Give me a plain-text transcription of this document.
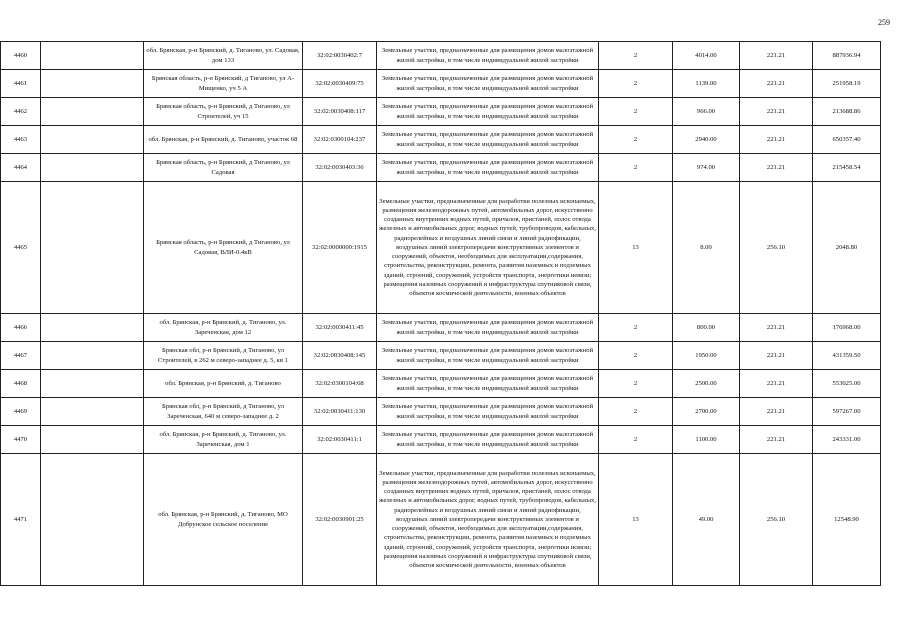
259
4460		обл. Брянская, р-н Брянский, д. Тиганово, ул. Садовая, дом 133	32:02:0030402:7	Земельные участки, предназначенные для размещения домов малоэтажной жилой застройки, в том числе индивидуальной жилой застройки	2	4014.00	221.21	887936.94
4461		Брянская область, р-н Брянский, д Тиганово, ул А-Мищенко, уч 5 А	32:02:0030409:75	Земельные участки, предназначенные для размещения домов малоэтажной жилой застройки, в том числе индивидуальной жилой застройки	2	1139.00	221.21	251958.19
4462		Брянская область, р-н Брянский, д Тиганово, ул Строителей, уч 15	32:02:0030408:117	Земельные участки, предназначенные для размещения домов малоэтажной жилой застройки, в том числе индивидуальной жилой застройки	2	966.00	221.21	213688.86
4463		обл. Брянская, р-н Брянский, д. Тиганово, участок 68	32:02:0300104:237	Земельные участки, предназначенные для размещения домов малоэтажной жилой застройки, в том числе индивидуальной жилой застройки	2	2940.00	221.21	650357.40
4464		Брянская область, р-н Брянский, д Тиганово, ул Садовая	32:02:0030403:36	Земельные участки, предназначенные для размещения домов малоэтажной жилой застройки, в том числе индивидуальной жилой застройки	2	974.00	221.21	215458.54
4465		Брянская область, р-н Брянский, д Тиганово, ул Садовая, ВЛИ-0.4кВ	32:02:0000000:1915	Земельные участки, предназначенные для разработки полезных ископаемых, размещения железнодорожных путей, автомобильных дорог, искусственно созданных внутренних водных путей, причалов, пристаней, полос отвода железных и автомобильных дорог, водных путей, трубопроводов, кабельных, радиорелейных и воздушных линий связи и линий радиофикации, воздушных линий электропередачи конструктивных элементов и сооружений, объектов, необходимых для эксплуатации,содержания, строительства, реконструкции, ремонта, развития наземных и подземных зданий, строений, сооружений, устройств транспорта, энергетики иевязи; размещения наземных сооружений и инфраструктуры спутниковой связи, объектов космической деятельности, военных объектов	13	8.00	256.10	2048.80
4466		обл. Брянская, р-н Брянский, д. Тиганово, ул. Зареченская, дом 12	32:02:0030411:45	Земельные участки, предназначенные для размещения домов малоэтажной жилой застройки, в том числе индивидуальной жилой застройки	2	800.00	221.21	176968.00
4467		Брянская обл, р-н Брянский, д Тиганово, ул Строителей, в 262 м северо-западнее д. 5, кв 1	32:02:0030408:145	Земельные участки, предназначенные для размещения домов малоэтажной жилой застройки, в том числе индивидуальной жилой застройки	2	1950.00	221.21	431359.50
4468		обл. Брянская, р-н Брянский, д. Тиганово	32:02:0300104:68	Земельные участки, предназначенные для размещения домов малоэтажной жилой застройки, в том числе индивидуальной жилой застройки	2	2500.00	221.21	553025.00
4469		Брянская обл, р-н Брянский, д Тиганово, ул Зареченская, 640 м северо-западнее д. 2	32:02:0030411:130	Земельные участки, предназначенные для размещения домов малоэтажной жилой застройки, в том числе индивидуальной жилой застройки	2	2700.00	221.21	597267.00
4470		обл. Брянская, р-н Брянский, д. Тиганово, ул. Зареченская, дом 1	32:02:0030411:1	Земельные участки, предназначенные для размещения домов малоэтажной жилой застройки, в том числе индивидуальной жилой застройки	2	1100.00	221.21	243331.00
4471		обл. Брянская, р-н Брянский, д. Тиганово, МО Добрунское сельское поселение	32:02:0030901:25	Земельные участки, предназначенные для разработки полезных ископаемых, размещения железнодорожных путей, автомобильных дорог, искусственно созданных внутренних водных путей, причалов, пристаней, полос отвода железных и автомобильных дорог, водных путей, трубопроводов, кабельных, радиорелейных и воздушных линий связи и линий радиофикации, воздушных линий электропередачи конструктивных элементов и сооружений, объектов, необходимых для эксплуатации,содержания, строительства, реконструкции, ремонта, развития наземных и подземных зданий, строений, сооружений, устройств транспорта, энергетики исвязи; размещения наземных сооружений и инфраструктуры спутниковой связи, объектов космической деятельности, военных объектов	13	49.00	256.10	12548.90
